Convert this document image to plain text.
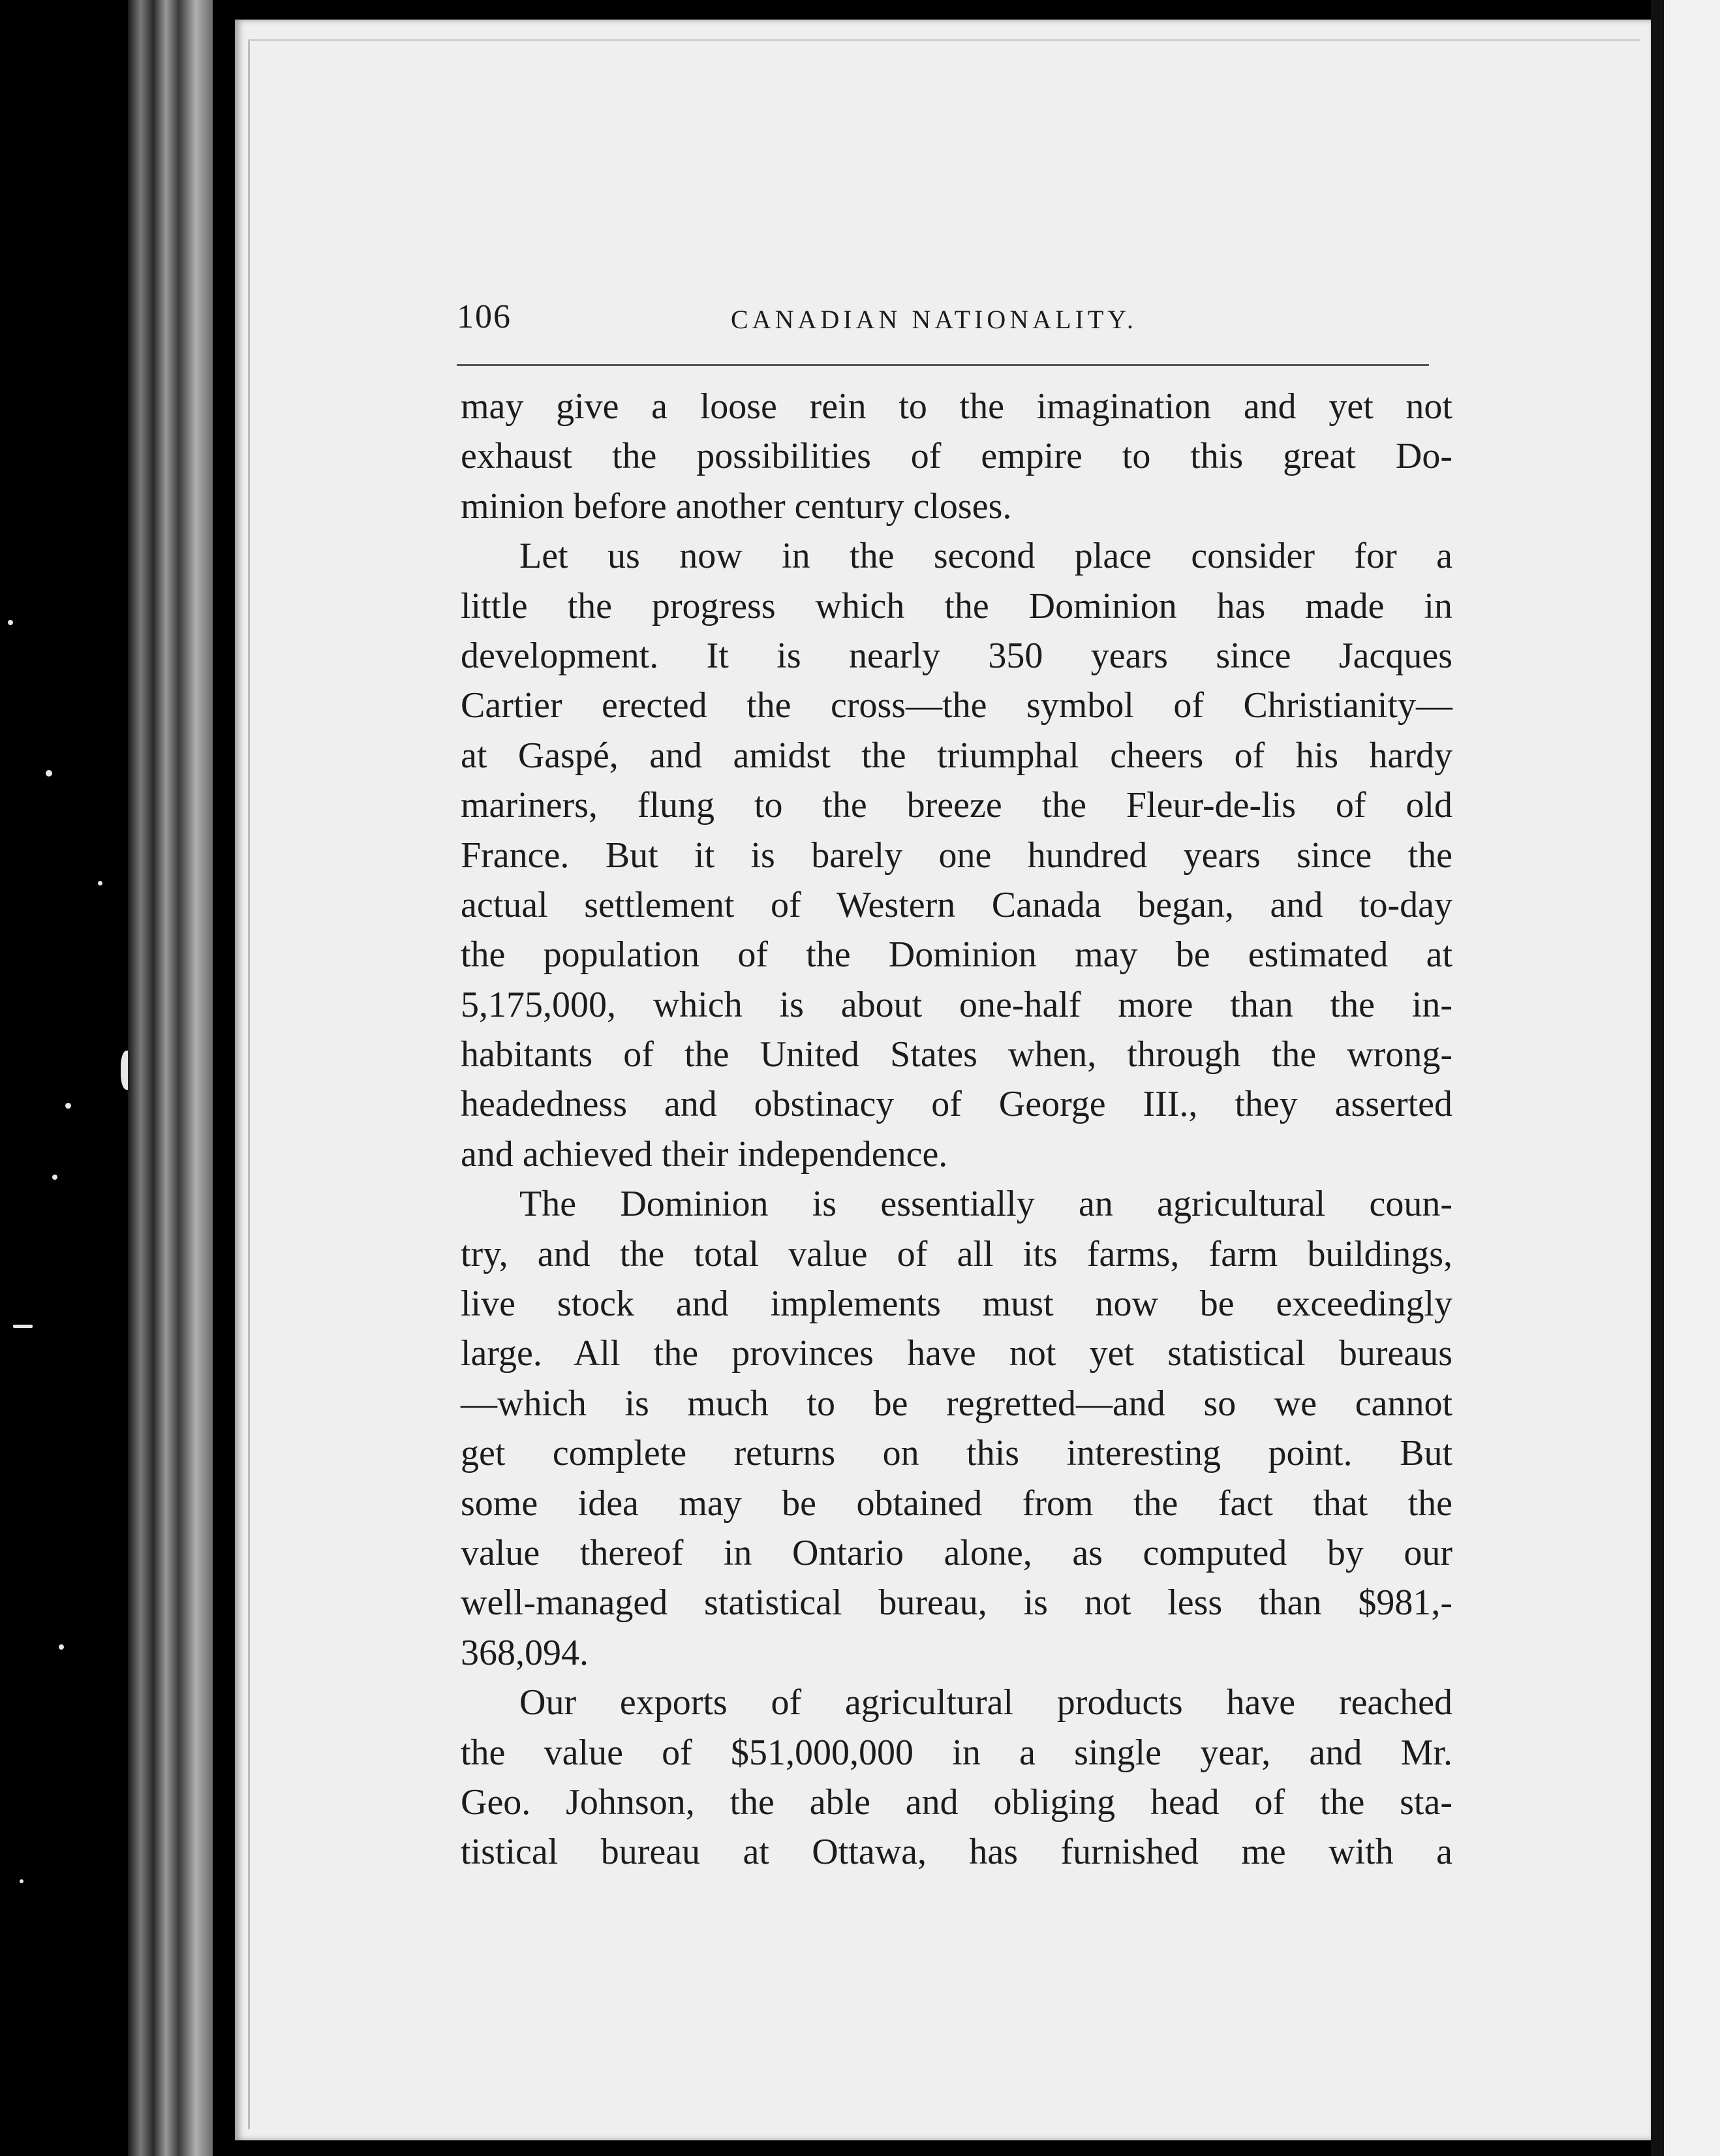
106	CANADIAN NATIONALITY.
may give a loose rein to the imagination and yet not
exhaust the possibilities of empire to this great Do-
minion before another century closes.
Let us now in the second place consider for a
little the progress which the Dominion has made in
development. It is nearly 350 years since Jacques
Cartier erected the cross—the symbol of Christianity—
at Gaspé, and amidst the triumphal cheers of his hardy
mariners, flung to the breeze the Fleur-de-lis of old
France. But it is barely one hundred years since the
actual settlement of Western Canada began, and to-day
the population of the Dominion may be estimated at
5,175,000, which is about one-half more than the in-
habitants of the United States when, through the wrong-
headedness and obstinacy of George III., they asserted
and achieved their independence.
The Dominion is essentially an agricultural coun-
try, and the total value of all its farms, farm buildings,
live stock and implements must now be exceedingly
large. All the provinces have not yet statistical bureaus
—which is much to be regretted—and so we cannot
get complete returns on this interesting point. But
some idea may be obtained from the fact that the
value thereof in Ontario alone, as computed by our
well-managed statistical bureau, is not less than $981,-
368,094.
Our exports of agricultural products have reached
the value of $51,000,000 in a single year, and Mr.
Geo. Johnson, the able and obliging head of the sta-
tistical bureau at Ottawa, has furnished me with a
